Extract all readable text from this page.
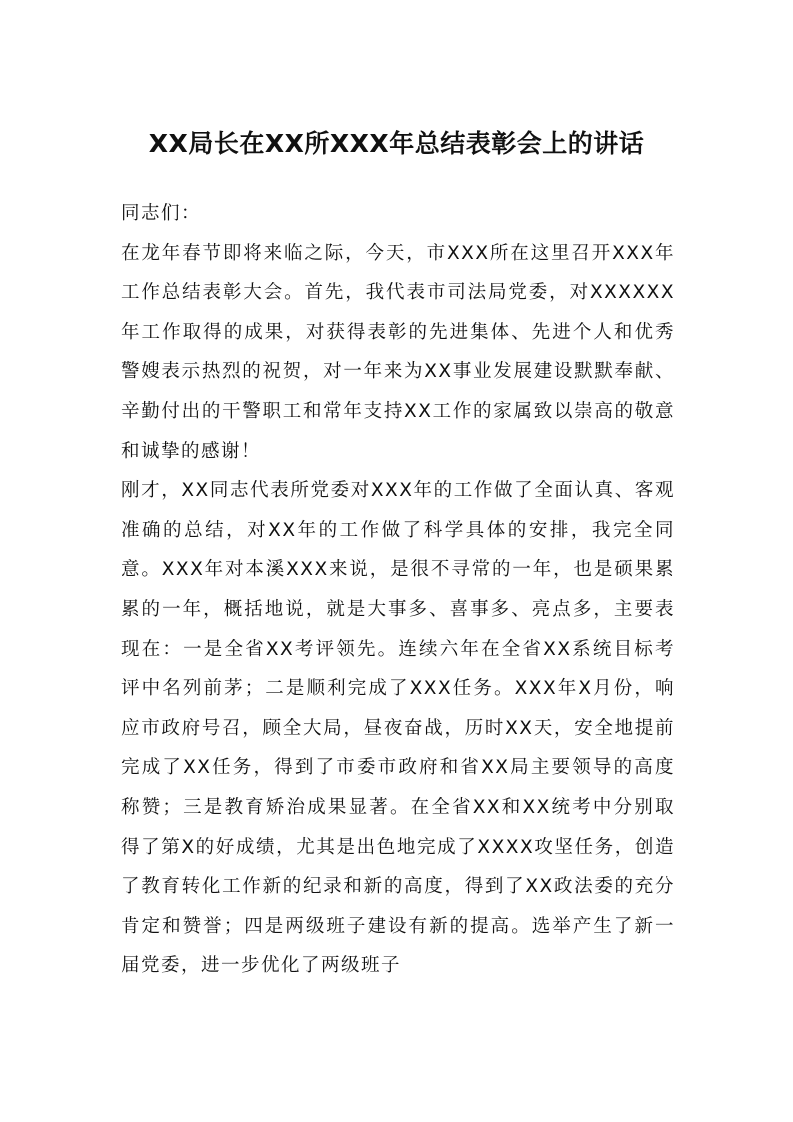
XX局长在XX所XXX年总结表彰会上的讲话

同志们：

在龙年春节即将来临之际，今天，市XXX所在这里召开XXX年工作总结表彰大会。首先，我代表市司法局党委，对XXXXXX年工作取得的成果，对获得表彰的先进集体、先进个人和优秀警嫂表示热烈的祝贺，对一年来为XX事业发展建设默默奉献、辛勤付出的干警职工和常年支持XX工作的家属致以崇高的敬意和诚挚的感谢！

刚才，XX同志代表所党委对XXX年的工作做了全面认真、客观准确的总结，对XX年的工作做了科学具体的安排，我完全同意。XXX年对本溪XXX来说，是很不寻常的一年，也是硕果累累的一年，概括地说，就是大事多、喜事多、亮点多，主要表现在：一是全省XX考评领先。连续六年在全省XX系统目标考评中名列前茅；二是顺利完成了XXX任务。XXX年X月份，响应市政府号召，顾全大局，昼夜奋战，历时XX天，安全地提前完成了XX任务，得到了市委市政府和省XX局主要领导的高度称赞；三是教育矫治成果显著。在全省XX和XX统考中分别取得了第X的好成绩，尤其是出色地完成了XXXX攻坚任务，创造了教育转化工作新的纪录和新的高度，得到了XX政法委的充分肯定和赞誉；四是两级班子建设有新的提高。选举产生了新一届党委，进一步优化了两级班子
